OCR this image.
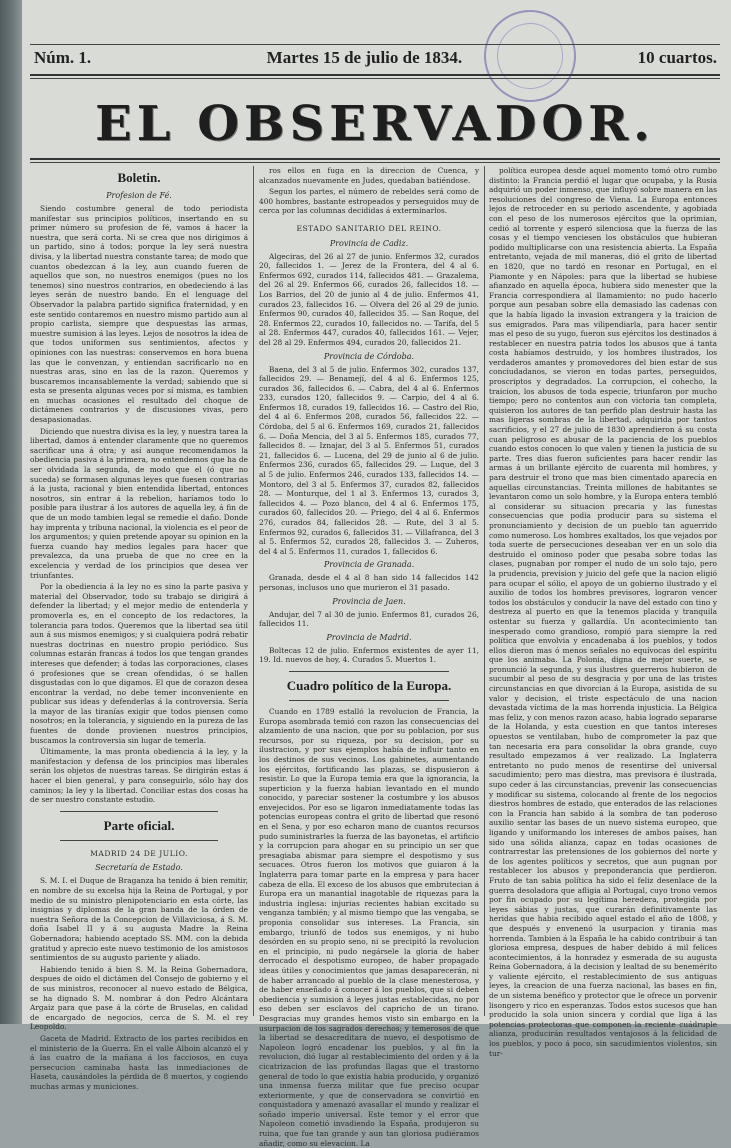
Núm. 1.	Martes 15 de julio de 1834.	10 cuartos.
EL OBSERVADOR.
Boletin.
Profesion de Fé.

Siendo costumbre general de todo periodista manifestar sus principios políticos, insertando en su primer número su profesion de fé, vamos á hacer la nuestra, que será corta. Ni se crea que nos dirigimos á un partido, sino á todos; porque la ley será nuestra divisa, y la libertad nuestra constante tarea; de modo que cuantos obedezcan á la ley, aun cuando fueren de aquellos que son, no nuestros enemigos (pues no los tenemos) sino nuestros contrarios, en obedeciendo á las leyes serán de nuestro bando. En el lenguage del Observador la palabra partido significa fraternidad, y en este sentido contaremos en nuestro mismo partido aun al propio carlista, siempre que despuestas las armas, muestre sumision á las leyes. Lejos de nosotros la idea de que todos uniformen sus sentimientos, afectos y opiniones con las nuestras: conservemos en hora buena las que le convenzan, y entiendan sacrificarlo no en nuestras aras, sino en las de la razon. Queremos y buscaremos incansablemente la verdad; sabiendo que si esta se presenta algunas veces por sí misma, es tambien en muchas ocasiones el resultado del choque de dictámenes contrarios y de discusiones vivas, pero desapasionadas.

Diciendo que nuestra divisa es la ley, y nuestra tarea la libertad, damos á entender claramente que no queremos sacrificar una á otra; y así aunque recomendamos la obediencia pasiva á la primera, no entendemos que ha de ser olvidada la segunda, de modo que el (ó que no suceda) se formasen algunas leyes que fuesen contrarias á la justa, racional y bien entendida libertad, entonces nosotros, sin entrar á la rebelion, haríamos todo lo posible para ilustrar á los autores de aquella ley, á fin de que de un modo tambien legal se remedie el daño. Donde hay imprenta y tribuna nacional, la violencia es el peor de los argumentos; y quien pretende apoyar su opinion en la fuerza cuando hay medios legales para hacer que prevalezca, da una prueba de que no cree en la excelencia y verdad de los principios que desea ver triunfantes.

Por la obediencia á la ley no es sino la parte pasiva y material del Observador, todo su trabajo se dirigirá á defender la libertad; y el mejor medio de entenderla y promoverla es, en el concepto de los redactores, la tolerancia para todos. Queremos que la libertad sea útil aun á sus mismos enemigos; y si cualquiera podrá rebatir nuestras doctrinas en nuestro propio periódico. Sus columnas estarán francas á todos los que tengan grandes intereses que defender; á todas las corporaciones, clases ó profesiones que se crean ofendidas, ó se hallen disgustadas con lo que digamos. El que de corazon desea encontrar la verdad, no debe temer inconveniente en publicar sus ideas y defenderlas á la controversia. Sería la mayor de las tiranías exigir que todos piensen como nosotros; en la tolerancia, y siguiendo en la pureza de las fuentes de donde provienen nuestros principios, buscamos la controversia sin lugar de temerla.

Últimamente, la mas pronta obediencia á la ley, y la manifestacion y defensa de los principios mas liberales serán los objetos de nuestras tareas. Se dirigirán estas á hacer el bien general, y para conseguirlo, sólo hay dos caminos; la ley y la libertad. Conciliar estas dos cosas ha de ser nuestro constante estudio.

Parte oficial.
MADRID 24 DE JULIO.
Secretaría de Estado.

S. M. I. el Duque de Braganza ha tenido á bien remitir, en nombre de su excelsa hija la Reina de Portugal, y por medio de su ministro plenipotenciario en esta córte, las insignias y diplomas de la gran banda de la órden de nuestra Señora de la Concepcion de Villaviciosa, á S. M. doña Isabel II y á su augusta Madre la Reina Gobernadora; habiendo aceptado SS. MM. con la debida gratitud y aprecio este nuevo testimonio de los amistosos sentimientos de su augusto pariente y aliado.

Habiendo tenido á bien S. M. la Reina Gobernadora, despues de oido el dictámen del Consejo de gobierno y el de sus ministros, reconocer al nuevo estado de Bélgica, se ha dignado S. M. nombrar á don Pedro Alcántara Argaiz para que pase á la córte de Bruselas, en calidad de encargado de negocios, cerca de S. M. el rey Leopoldo.

Gaceta de Madrid. Extracto de los partes recibidos en el ministerio de la Guerra. En el valle Alboin alcanzó el y á las cuatro de la mañana á los facciosos, en cuya persecucion caminaba hasta las inmediaciones de Haseta, causándoles la pérdida de 8 muertos, y cogiendo muchas armas y municiones.

ros ellos en fuga en la direccion de Cuenca, y alcanzados nuevamente en Judes, quedaban batiéndose.

Segun los partes, el número de rebeldes será como de 400 hombres, bastante estropeados y perseguidos muy de cerca por las columnas decididas á exterminarlos.

ESTADO SANITARIO DEL REINO.
Provincia de Cadiz.

Algeciras, del 26 al 27 de junio. Enfermos 32, curados 20, fallecidos 1. — Jerez de la Frontera, del 4 al 6. Enfermos 692, curados 114, fallecidos 481. — Grazalema, del 26 al 29. Enfermos 66, curados 26, fallecidos 18. — Los Barrios, del 20 de junio al 4 de julio. Enfermos 41, curados 23, fallecidos 16. — Olvera del 26 al 29 de junio. Enfermos 90, curados 40, fallecidos 35. — San Roque, del 28. Enfermos 22, curados 10, fallecidos no. — Tarifa, del 5 al 28. Enfermos 447, curados 40, fallecidos 161. — Vejer, del 28 al 29. Enfermos 494, curados 20, fallecidos 21.

Provincia de Córdoba.

Baena, del 3 al 5 de julio. Enfermos 302, curados 137, fallecidos 29. — Benamejí, del 4 al 6. Enfermos 125, curados 36, fallecidos 6. — Cabra, del 4 al 6. Enfermos 233, curados 120, fallecidos 9. — Carpio, del 4 al 6. Enfermos 18, curados 19, fallecidos 16. — Castro del Rio, del 4 al 6. Enfermos 208, curados 56, fallecidos 22. — Córdoba, del 5 al 6. Enfermos 169, curados 21, fallecidos 6. — Doña Mencia, del 3 al 5. Enfermos 185, curados 77, fallecidos 8. — Iznajar, del 3 al 5. Enfermos 51, curados 21, fallecidos 6. — Lucena, del 29 de junio al 6 de julio. Enfermos 236, curados 65, fallecidos 29. — Luque, del 3 al 5 de julio. Enfermos 246, curados 133, fallecidos 14. — Montoro, del 3 al 5. Enfermos 37, curados 82, fallecidos 28. — Monturque, del 1 al 3. Enfermos 13, curados 3, fallecidos 4. — Pozo blanco, del 4 al 6. Enfermos 175, curados 60, fallecidos 20. — Priego, del 4 al 6. Enfermos 276, curados 84, fallecidos 28. — Rute, del 3 al 5. Enfermos 92, curados 6, fallecidos 31. — Villafranca, del 3 al 5. Enfermos 52, curados 28, fallecidos 3. — Zuheros, del 4 al 5. Enfermos 11, curados 1, fallecidos 6.

Provincia de Granada.

Granada, desde el 4 al 8 han sido 14 fallecidos 142 personas, inclusos uno que murieron el 31 pasado.

Provincia de Jaen.

Andujar, del 7 al 30 de junio. Enfermos 81, curados 26, fallecidos 11.

Provincia de Madrid.

Boltecas 12 de julio. Enfermos existentes de ayer 11, 19. Id. nuevos de hoy, 4. Curados 5. Muertos 1.

Cuadro político de la Europa.

Cuando en 1789 estalló la revolucion de Francia, la Europa asombrada temió con razon las consecuencias del alzamiento de una nacion, que por su poblacion, por sus recursos, por su riqueza, por su decision, por su ilustracion, y por sus ejemplos había de influir tanto en los destinos de sus vecinos. Los gabinetes, aumentando los ejércitos, fortificando las plazas, se dispusieron á resistir. Lo que la Europa temia era que la ignorancia, la superticion y la fuerza habian levantado en el mundo conocido, y pareciar sostener la costumbre y los abusos envejecidos. Por eso se ligaron inmediatamente todas las potencias europeas contra el grito de libertad que resonó en el Sena, y por eso echaron mano de cuantos recursos pudo suministrarles la fuerza de las bayonetas, el artificio y la corrupcion para ahogar en su principio un ser que presagiaba abismar para siempre el despotismo y sus secuaces. Otros fueron los motivos que guiaron á la Inglaterra para tomar parte en la empresa y para hacer cabeza de ella. El exceso de los abusos que embrutecian á Europa era un manantial inagotable de riquezas para la industria inglesa: injurias recientes habian excitado su venganza también; y al mismo tiempo que las vengaba, se proponia consolidar sus intereses. La Francia, sin embargo, triunfó de todos sus enemigos, y ni hubo desórden en su propio seno, ni se precipitó la revolucion en el principio, ni pudo negársele la gloria de haber derrocado el despotismo europeo, de haber propagado ideas útiles y conocimientos que jamas desaparecerán, ni de haber arrancado al pueblo de la clase menesterosa, y de haber enseñado á conocer á los pueblos, que si deben obediencia y sumision á leyes justas establecidas, no por eso deben ser esclavos del capricho de un tirano. Desgracias muy grandes hemos visto sin embargo en la usurpacion de los sagrados derechos; y temerosos de que la libertad se desacreditara de nuevo, el despotismo de Napoleon logró encadenar los pueblos, y al fin la revolucion, dió lugar al restablecimiento del orden y á la cicatrizacion de las profundas llagas que el trastorno general de todo lo que existia habia producido, y organizó una inmensa fuerza militar que fue preciso ocupar exteriormente, y que de conservadora se convirtió en conquistadora y amenazó avasallar el mundo y realizar el soñado imperio universal. Este temor y el error que Napoleon cometió invadiendo la España, produjeron su ruina, que fue tan grande y aun tan gloriosa pudiéramos añadir, como su elevacion. La

política europea desde aquel momento tomó otro rumbo distinto: la Francia perdió el lugar que ocupaba, y la Rusia adquirió un poder inmenso, que influyó sobre manera en las resoluciones del congreso de Viena. La Europa entonces lejos de retroceder en su periodo ascendente, y agobiada con el peso de los numerosos ejércitos que la oprimian, cedió al torrente y esperó silenciosa que la fuerza de las cosas y el tiempo venciesen los obstáculos que hubieran podido multiplicarse con una resistencia abierta. La España entretanto, vejada de mil maneras, dió el grito de libertad en 1820, que no tardó en resonar en Portugal, en el Piamonte y en Nápoles: para que la libertad se hubiese afianzado en aquella época, hubiera sido menester que la Francia correspondiera al llamamiento: no pudo hacerlo porque aun pesaban sobre ella demasiado las cadenas con que la había ligado la invasion extrangera y la traicion de sus emigrados. Para mas vilipendiarla, para hacer sentir mas el peso de su yugo, fueron sus ejércitos los destinados á restablecer en nuestra patria todos los abusos que á tanta costa habíamos destruido, y los hombres ilustrados, los verdaderos amantes y promovedores del bien estar de sus conciudadanos, se vieron en todas partes, perseguidos, proscriptos y degradados. La corrupcion, el cohecho, la traicion, los abusos de toda especie, triunfaron por mucho tiempo; pero no contentos aun con victoria tan completa, quisieron los autores de tan perfido plan destruir hasta las mas ligeras sombras de la libertad, adquirida por tantos sacrificios, y el 27 de julio de 1830 aprendieron á su costa cuan peligroso es abusar de la paciencia de los pueblos cuando estos conocen lo que valen y tienen la justicia de su parte. Tres dias fueron suficientes para hacer rendir las armas á un brillante ejército de cuarenta mil hombres, y para destruir el trono que mas bien cimentado aparecía en aquellas circunstancias. Treinta millones de habitantes se levantaron como un solo hombre, y la Europa entera tembló al considerar su situacion precaria y las funestas consecuencias que podia producir para su sistema el pronunciamiento y decision de un pueblo tan aguerrido como numeroso. Los hombres exaltados, los que vejados por toda suerte de persecuciones deseaban ver en un solo dia destruido el ominoso poder que pesaba sobre todas las clases, pugnaban por romper el nudo de un solo tajo, pero la prudencia, prevision y juicio del gefe que la nacion eligió para ocupar el sólio, el apoyo de un gobierno ilustrado y el auxilio de todos los hombres previsores, lograron vencer todos los obstáculos y conducir la nave del estado con tino y destreza al puerto en que la tenemos placida y tranquila ostentar su fuerza y gallardía. Un acontecimiento tan inesperado como grandioso, rompió para siempre la red política que envolvia y encadenaba á los pueblos, y todos ellos dieron mas ó menos señales no equívocas del espíritu que los animaba. La Polonia, digna de mejor suerte, se pronunció la segunda, y sus ilustres guerreros hubieron de sucumbir al peso de su desgracia y por una de las tristes circunstancias en que divorcian á la Europa, asistida de su valor y decision, el triste espectáculo de una nacion devastada víctima de la mas horrenda injusticia. La Bélgica mas feliz, y con menos razon acaso, habia logrado separarse de la Holanda, y esta cuestion en que tantos intereses opuestos se ventilaban, hubo de comprometer la paz que tan necesaria era para consolidar la obra grande, cuyo resultado empezamos á ver realizado. La Inglaterra entretanto no pudo menos de resentirse del universal sacudimiento; pero mas diestra, mas previsora é ilustrada, supo ceder á las circunstancias, prevenir las consecuencias y modificar su sistema, colocando al frente de los negocios diestros hombres de estado, que enterados de las relaciones con la Francia han sabido á la sombra de tan poderoso auxilio sentar las bases de un nuevo sistema europeo, que ligando y uniformando los intereses de ambos países, han sido una sólida alianza, capaz en todas ocasiones de contrarrestar las pretensiones de los gobiernos del norte y de los agentes políticos y secretos, que aun pugnan por restablecer los abusos y preponderancia que perdieron. Fruto de tan sabia política ha sido el feliz desenlace de la guerra desoladora que afligia al Portugal, cuyo trono vemos por fin ocupado por su legítima heredera, protegida por leyes sábias y justas, que curarán definitivamente las heridas que habia recibido aquel estado el año de 1808, y que después y envenenó la usurpacion y tirania mas horrenda. Tambien á la España le ha cabido contribuir á tan gloriosa empresa, despues de haber debido á mil felices acontecimientos, á la honradez y esmerada de su augusta Reina Gobernadora, á la decision y lealtad de su benemérito y valiente ejército, el restablecimiento de sus antiguas leyes, la creacion de una fuerza nacional, las bases en fin, de un sistema benéfico y protector que le ofrece un porvenir lisongero y rico en esperanzas. Todos estos sucesos que han producido la sola union sincera y cordial que liga á las potencias protectoras que componen la reciente cuádruple alianza, producirán resultados ventajosos á la felicidad de los pueblos, y poco á poco, sin sacudimientos violentos, sin tur-
